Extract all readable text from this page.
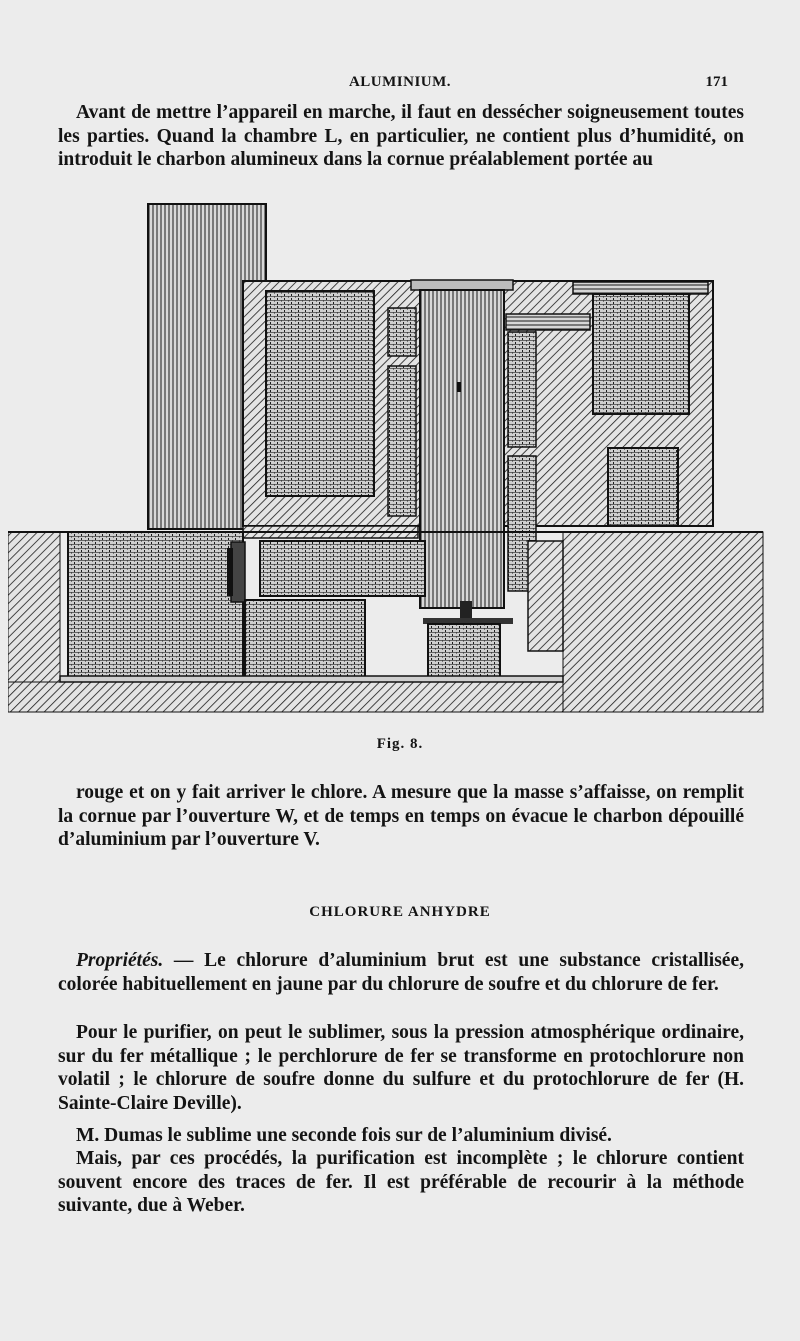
ALUMINIUM.	171

Avant de mettre l’appareil en marche, il faut en dessécher soigneusement toutes les parties. Quand la chambre L, en particulier, ne contient plus d’humidité, on introduit le charbon alumineux dans la cornue préalablement portée au

Fig. 8.

rouge et on y fait arriver le chlore. A mesure que la masse s’affaisse, on remplit la cornue par l’ouverture W, et de temps en temps on évacue le charbon dépouillé d’aluminium par l’ouverture V.

CHLORURE ANHYDRE

Propriétés. — Le chlorure d’aluminium brut est une substance cristallisée, colorée habituellement en jaune par du chlorure de soufre et du chlorure de fer.

Pour le purifier, on peut le sublimer, sous la pression atmosphérique ordinaire, sur du fer métallique ; le perchlorure de fer se transforme en protochlorure non volatil ; le chlorure de soufre donne du sulfure et du protochlorure de fer (H. Sainte-Claire Deville).

M. Dumas le sublime une seconde fois sur de l’aluminium divisé.

Mais, par ces procédés, la purification est incomplète ; le chlorure contient souvent encore des traces de fer. Il est préférable de recourir à la méthode suivante, due à Weber.
